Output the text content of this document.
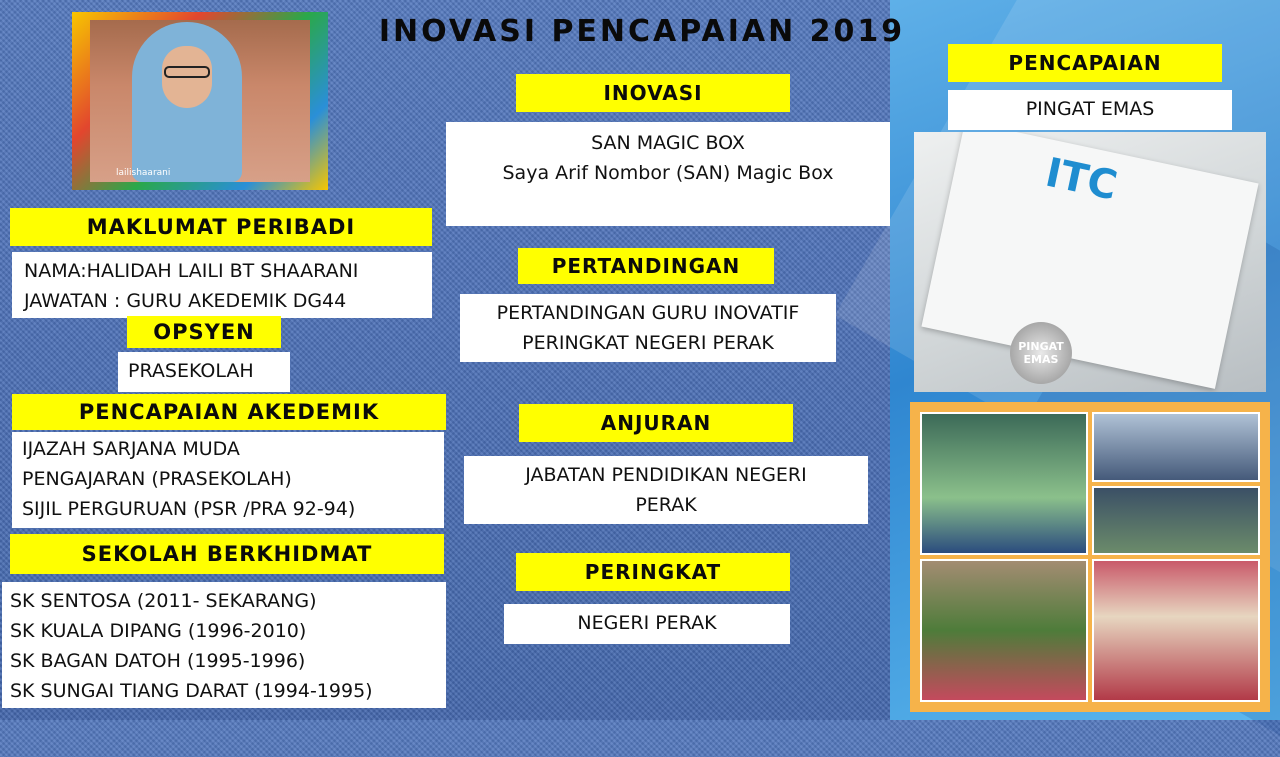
INOVASI PENCAPAIAN 2019
lailishaarani
MAKLUMAT PERIBADI
NAMA:HALIDAH LAILI BT SHAARANI
JAWATAN : GURU AKEDEMIK DG44
OPSYEN
PRASEKOLAH
PENCAPAIAN AKEDEMIK
IJAZAH SARJANA MUDA
PENGAJARAN (PRASEKOLAH)
SIJIL PERGURUAN (PSR /PRA 92-94)
SEKOLAH BERKHIDMAT
SK SENTOSA (2011- SEKARANG)
SK KUALA DIPANG (1996-2010)
SK BAGAN DATOH (1995-1996)
SK SUNGAI TIANG DARAT (1994-1995)
INOVASI
SAN MAGIC BOX
Saya Arif Nombor (SAN) Magic Box
PERTANDINGAN
PERTANDINGAN GURU INOVATIF
PERINGKAT NEGERI PERAK
ANJURAN
JABATAN PENDIDIKAN NEGERI
PERAK
PERINGKAT
NEGERI PERAK
PENCAPAIAN
PINGAT EMAS
ITC
PINGAT EMAS
